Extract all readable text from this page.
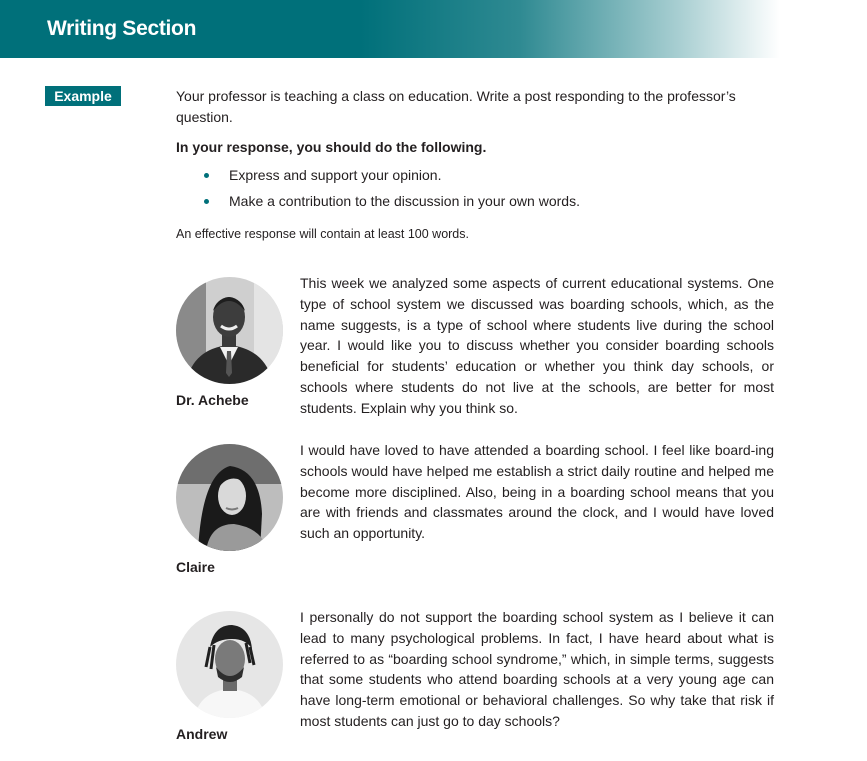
Writing Section
Example	Your professor is teaching a class on education. Write a post responding to the professor’s question.

In your response, you should do the following.

Express and support your opinion.
Make a contribution to the discussion in your own words.

An effective response will contain at least 100 words.

Dr. Achebe
This week we analyzed some aspects of current educational systems. One type of school system we discussed was boarding schools, which, as the name suggests, is a type of school where students live during the school year. I would like you to discuss whether you consider boarding schools beneficial for students’ education or whether you think day schools, or schools where students do not live at the schools, are better for most students. Explain why you think so.
Claire
I would have loved to have attended a boarding school. I feel like board-ing schools would have helped me establish a strict daily routine and helped me become more disciplined. Also, being in a boarding school means that you are with friends and classmates around the clock, and I would have loved such an opportunity.
Andrew
I personally do not support the boarding school system as I believe it can lead to many psychological problems. In fact, I have heard about what is referred to as “boarding school syndrome,” which, in simple terms, suggests that some students who attend boarding schools at a very young age can have long-term emotional or behavioral challenges. So why take that risk if most students can just go to day schools?
